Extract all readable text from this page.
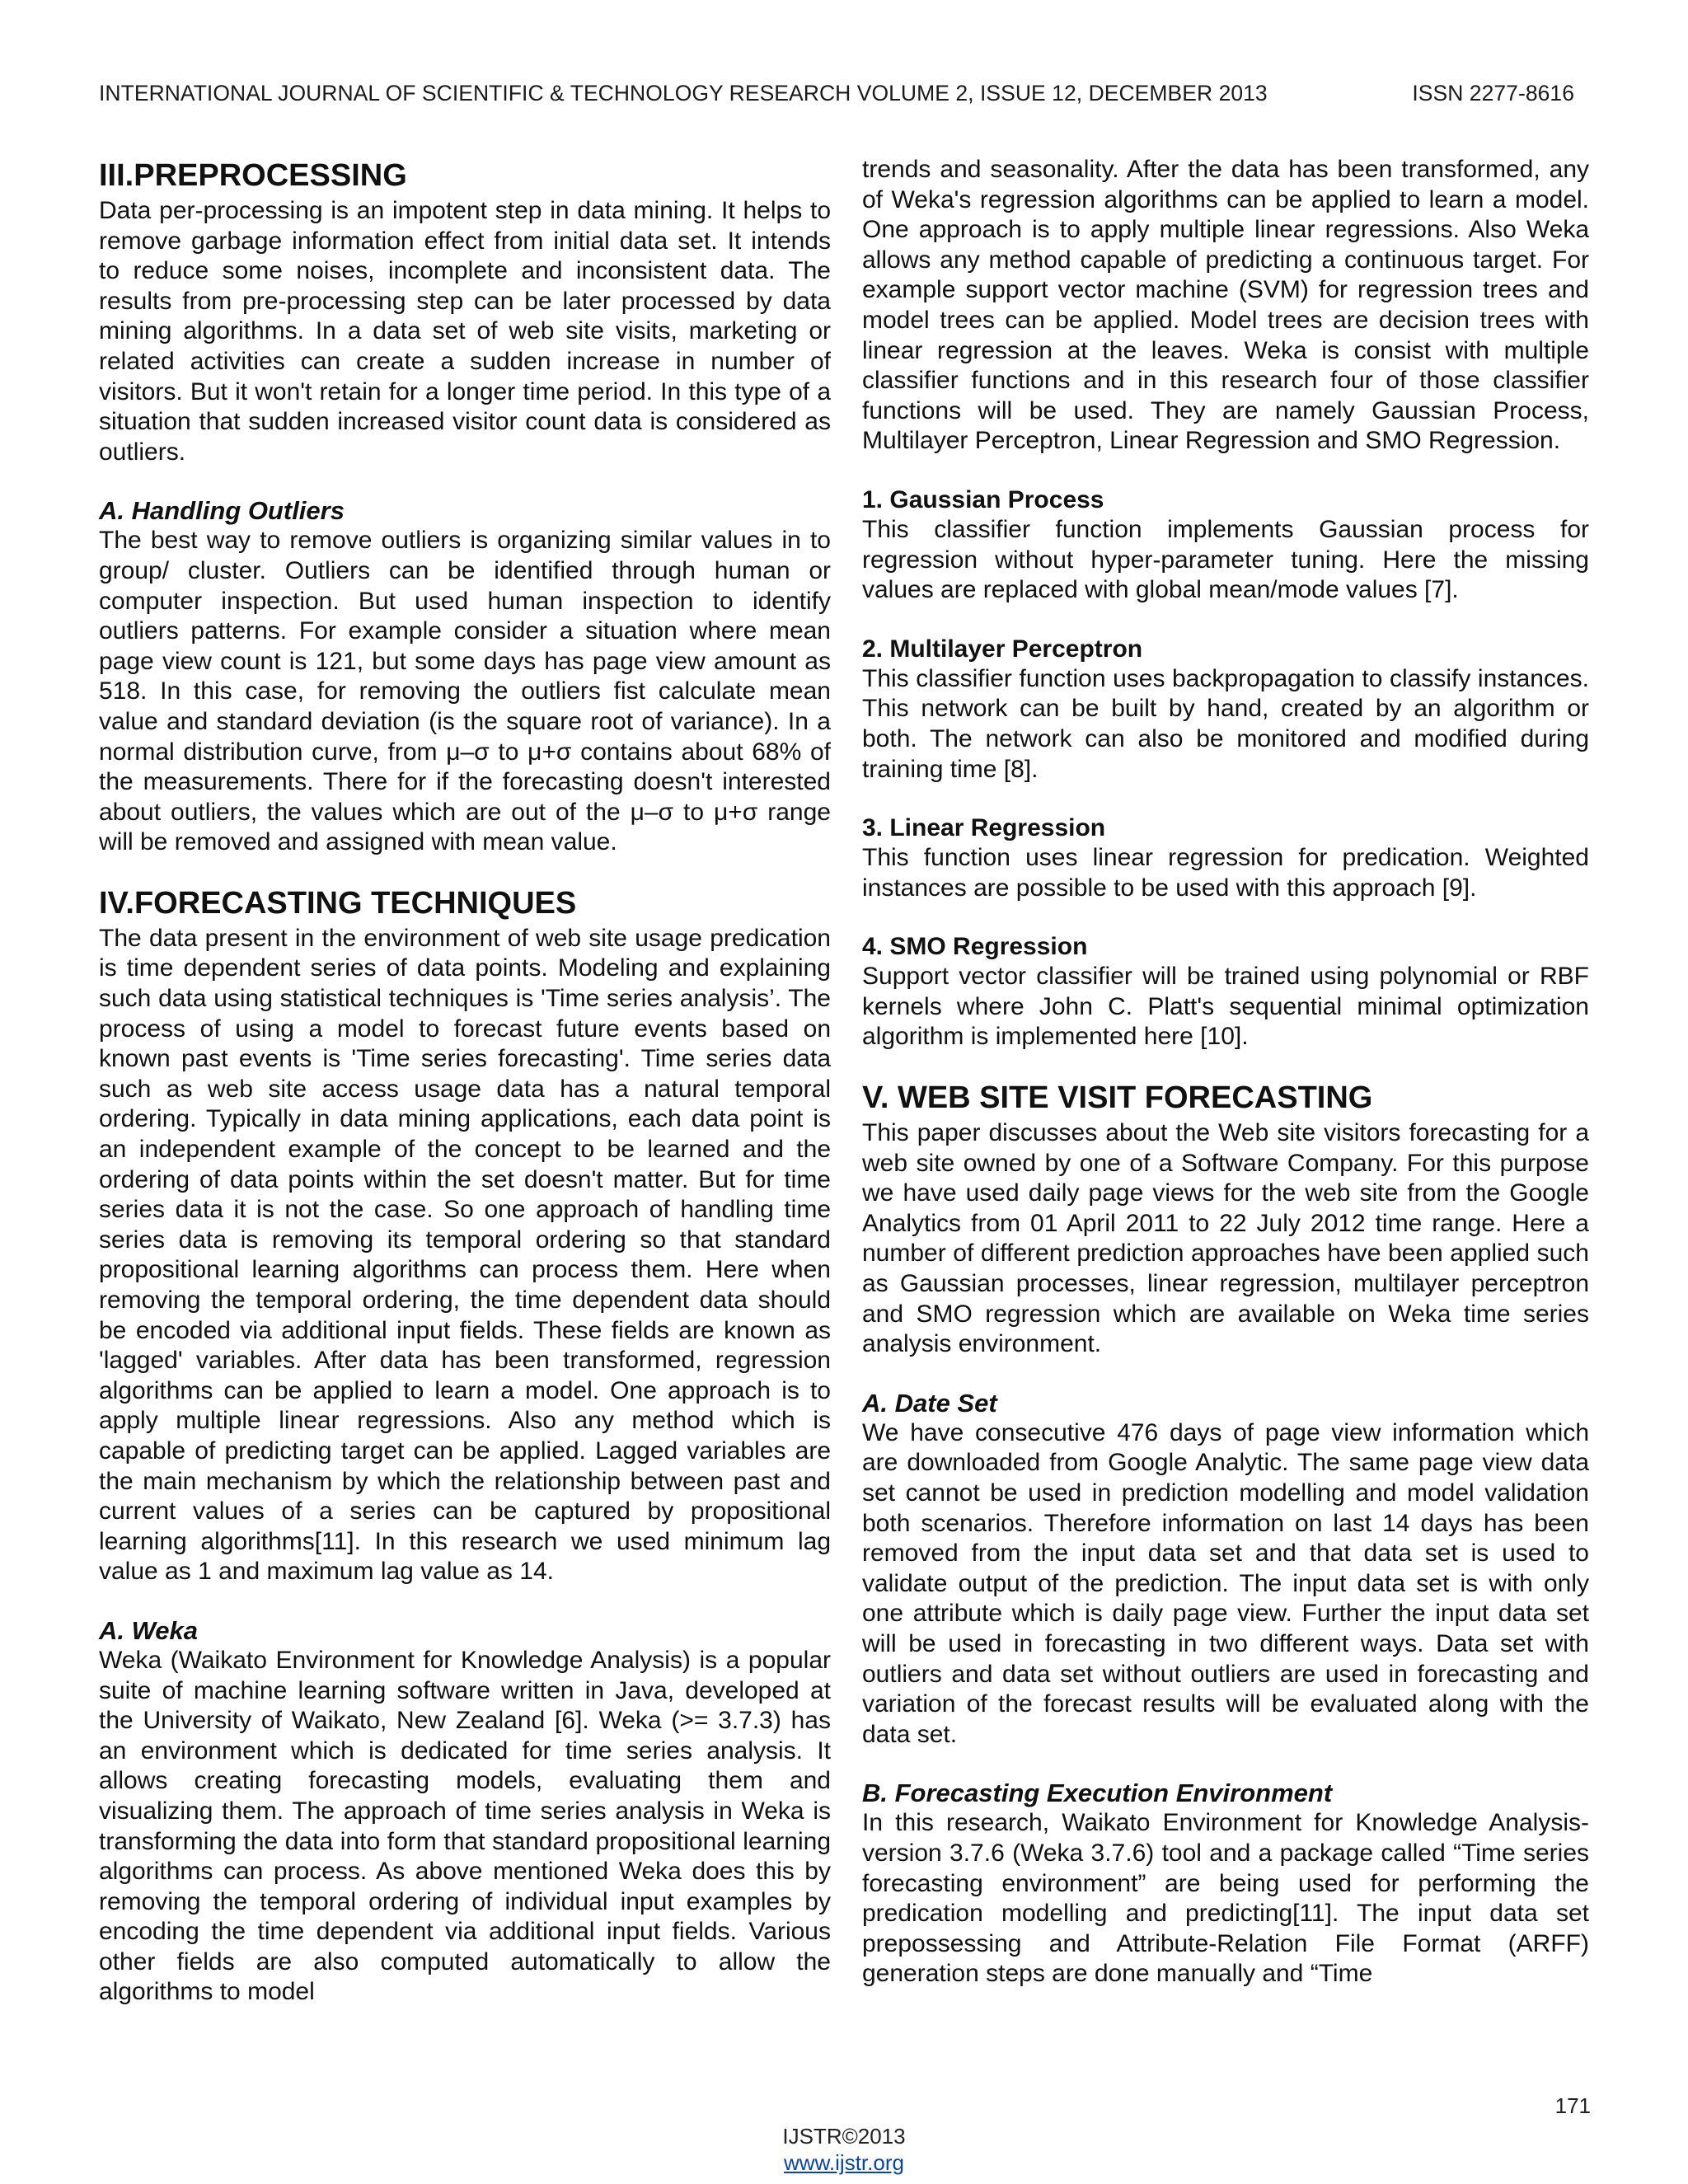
INTERNATIONAL JOURNAL OF SCIENTIFIC & TECHNOLOGY RESEARCH VOLUME 2, ISSUE 12, DECEMBER 2013	ISSN 2277-8616
III.PREPROCESSING

Data per-processing is an impotent step in data mining. It helps to remove garbage information effect from initial data set. It intends to reduce some noises, incomplete and inconsistent data. The results from pre-processing step can be later processed by data mining algorithms. In a data set of web site visits, marketing or related activities can create a sudden increase in number of visitors. But it won't retain for a longer time period. In this type of a situation that sudden increased visitor count data is considered as outliers.

A. Handling Outliers

The best way to remove outliers is organizing similar values in to group/ cluster. Outliers can be identified through human or computer inspection. But used human inspection to identify outliers patterns. For example consider a situation where mean page view count is 121, but some days has page view amount as 518. In this case, for removing the outliers fist calculate mean value and standard deviation (is the square root of variance). In a normal distribution curve, from μ–σ to μ+σ contains about 68% of the measurements. There for if the forecasting doesn't interested about outliers, the values which are out of the μ–σ to μ+σ range will be removed and assigned with mean value.

IV.FORECASTING TECHNIQUES

The data present in the environment of web site usage predication is time dependent series of data points. Modeling and explaining such data using statistical techniques is 'Time series analysis’. The process of using a model to forecast future events based on known past events is 'Time series forecasting'. Time series data such as web site access usage data has a natural temporal ordering. Typically in data mining applications, each data point is an independent example of the concept to be learned and the ordering of data points within the set doesn't matter. But for time series data it is not the case. So one approach of handling time series data is removing its temporal ordering so that standard propositional learning algorithms can process them. Here when removing the temporal ordering, the time dependent data should be encoded via additional input fields. These fields are known as 'lagged' variables. After data has been transformed, regression algorithms can be applied to learn a model. One approach is to apply multiple linear regressions. Also any method which is capable of predicting target can be applied. Lagged variables are the main mechanism by which the relationship between past and current values of a series can be captured by propositional learning algorithms[11]. In this research we used minimum lag value as 1 and maximum lag value as 14.

A. Weka

Weka (Waikato Environment for Knowledge Analysis) is a popular suite of machine learning software written in Java, developed at the University of Waikato, New Zealand [6]. Weka (>= 3.7.3) has an environment which is dedicated for time series analysis. It allows creating forecasting models, evaluating them and visualizing them. The approach of time series analysis in Weka is transforming the data into form that standard propositional learning algorithms can process. As above mentioned Weka does this by removing the temporal ordering of individual input examples by encoding the time dependent via additional input fields. Various other fields are also computed automatically to allow the algorithms to model

trends and seasonality. After the data has been transformed, any of Weka's regression algorithms can be applied to learn a model. One approach is to apply multiple linear regressions. Also Weka allows any method capable of predicting a continuous target. For example support vector machine (SVM) for regression trees and model trees can be applied. Model trees are decision trees with linear regression at the leaves. Weka is consist with multiple classifier functions and in this research four of those classifier functions will be used. They are namely Gaussian Process, Multilayer Perceptron, Linear Regression and SMO Regression.

1. Gaussian Process

This classifier function implements Gaussian process for regression without hyper-parameter tuning. Here the missing values are replaced with global mean/mode values [7].

2. Multilayer Perceptron

This classifier function uses backpropagation to classify instances. This network can be built by hand, created by an algorithm or both. The network can also be monitored and modified during training time [8].

3. Linear Regression

This function uses linear regression for predication. Weighted instances are possible to be used with this approach [9].

4. SMO Regression

Support vector classifier will be trained using polynomial or RBF kernels where John C. Platt's sequential minimal optimization algorithm is implemented here [10].

V. WEB SITE VISIT FORECASTING

This paper discusses about the Web site visitors forecasting for a web site owned by one of a Software Company. For this purpose we have used daily page views for the web site from the Google Analytics from 01 April 2011 to 22 July 2012 time range. Here a number of different prediction approaches have been applied such as Gaussian processes, linear regression, multilayer perceptron and SMO regression which are available on Weka time series analysis environment.

A. Date Set

We have consecutive 476 days of page view information which are downloaded from Google Analytic. The same page view data set cannot be used in prediction modelling and model validation both scenarios. Therefore information on last 14 days has been removed from the input data set and that data set is used to validate output of the prediction. The input data set is with only one attribute which is daily page view. Further the input data set will be used in forecasting in two different ways. Data set with outliers and data set without outliers are used in forecasting and variation of the forecast results will be evaluated along with the data set.

B. Forecasting Execution Environment

In this research, Waikato Environment for Knowledge Analysis-version 3.7.6 (Weka 3.7.6) tool and a package called “Time series forecasting environment” are being used for performing the predication modelling and predicting[11]. The input data set prepossessing and Attribute-Relation File Format (ARFF) generation steps are done manually and “Time

171
IJSTR©2013
www.ijstr.org
